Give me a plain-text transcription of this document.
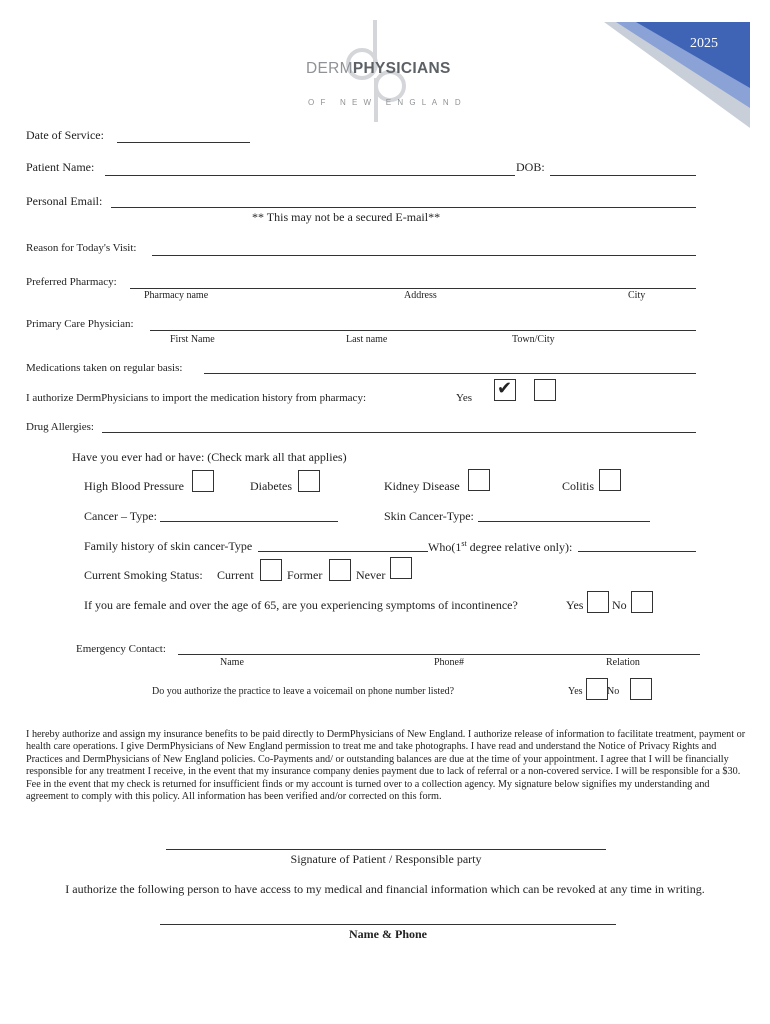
2025
DERMPHYSICIANS
O F   N E W   E N G L A N D
Date of Service:
Patient Name:	DOB:
Personal Email:
** This may not be a secured E-mail**
Reason for Today's Visit:
Preferred Pharmacy:
Pharmacy name	Address	City
Primary Care Physician:
First Name	Last name	Town/City
Medications taken on regular basis:
I authorize DermPhysicians to import the medication history from pharmacy:	Yes ✔
Drug Allergies:
Have you ever had or have: (Check mark all that applies)
High Blood Pressure	Diabetes	Kidney Disease	Colitis
Cancer – Type:	Skin Cancer-Type:
Family history of skin cancer-Type	Who(1st degree relative only):
Current Smoking Status: Current	Former	Never
If you are female and over the age of 65, are you experiencing symptoms of incontinence?	Yes No
Emergency Contact:
Name	Phone#	Relation
Do you authorize the practice to leave a voicemail on phone number listed?	Yes No
I hereby authorize and assign my insurance benefits to be paid directly to DermPhysicians of New England. I authorize release of information to facilitate treatment, payment or health care operations. I give DermPhysicians of New England permission to treat me and take photographs. I have read and understand the Notice of Privacy Rights and Practices and DermPhysicians of New England policies. Co-Payments and/ or outstanding balances are due at the time of your appointment. I agree that I will be financially responsible for any treatment I receive, in the event that my insurance company denies payment due to lack of referral or a non-covered service. I will be responsible for a $30. Fee in the event that my check is returned for insufficient finds or my account is turned over to a collection agency. My signature below signifies my understanding and agreement to comply with this policy. All information has been verified and/or corrected on this form.
Signature of Patient / Responsible party
I authorize the following person to have access to my medical and financial information which can be revoked at any time in writing.
Name & Phone
